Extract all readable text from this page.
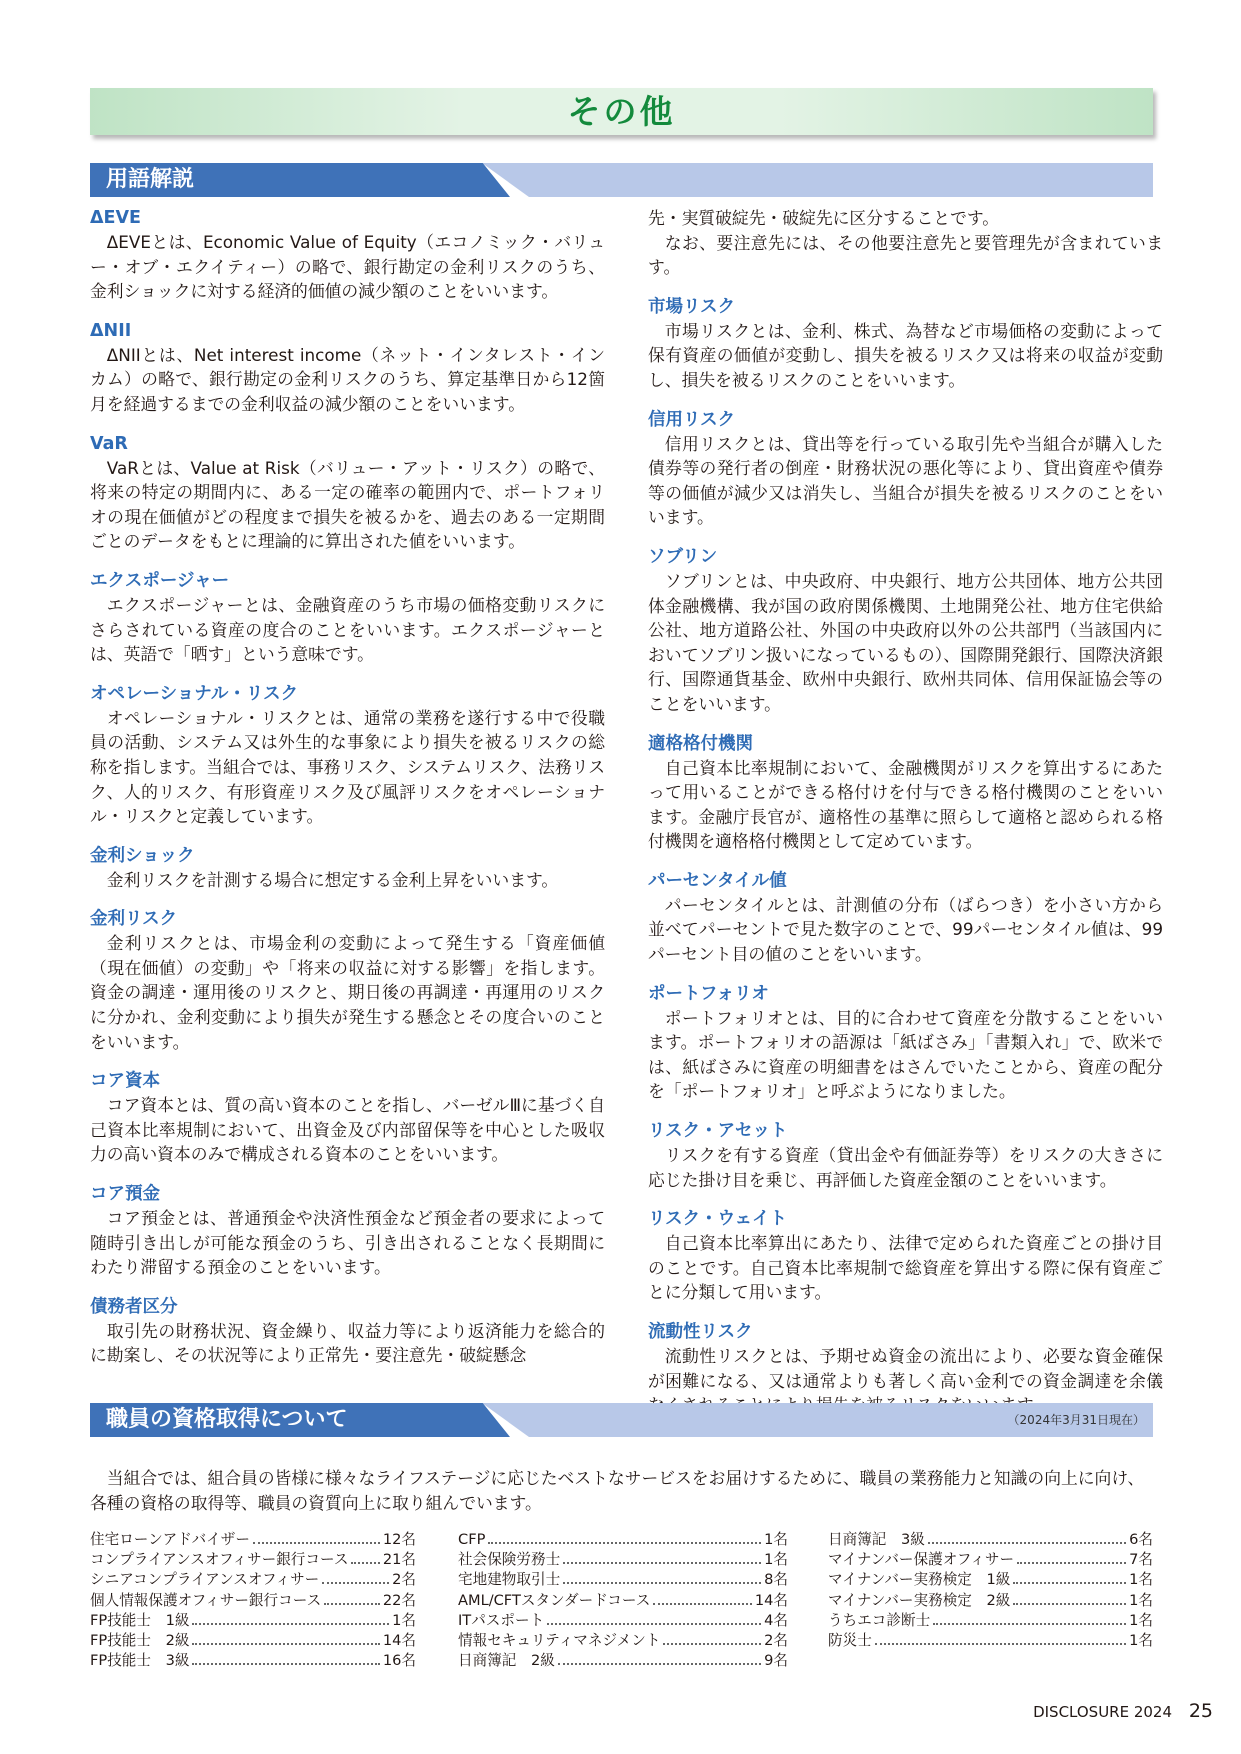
その他
用語解説
ΔEVE

ΔEVEとは、Economic Value of Equity（エコノミック・バリュー・オブ・エクイティー）の略で、銀行勘定の金利リスクのうち、金利ショックに対する経済的価値の減少額のことをいいます。

ΔNII

ΔNIIとは、Net interest income（ネット・インタレスト・インカム）の略で、銀行勘定の金利リスクのうち、算定基準日から12箇月を経過するまでの金利収益の減少額のことをいいます。

VaR

VaRとは、Value at Risk（バリュー・アット・リスク）の略で、将来の特定の期間内に、ある一定の確率の範囲内で、ポートフォリオの現在価値がどの程度まで損失を被るかを、過去のある一定期間ごとのデータをもとに理論的に算出された値をいいます。

エクスポージャー

エクスポージャーとは、金融資産のうち市場の価格変動リスクにさらされている資産の度合のことをいいます。エクスポージャーとは、英語で「晒す」という意味です。

オペレーショナル・リスク

オペレーショナル・リスクとは、通常の業務を遂行する中で役職員の活動、システム又は外生的な事象により損失を被るリスクの総称を指します。当組合では、事務リスク、システムリスク、法務リスク、人的リスク、有形資産リスク及び風評リスクをオペレーショナル・リスクと定義しています。

金利ショック

金利リスクを計測する場合に想定する金利上昇をいいます。

金利リスク

金利リスクとは、市場金利の変動によって発生する「資産価値（現在価値）の変動」や「将来の収益に対する影響」を指します。資金の調達・運用後のリスクと、期日後の再調達・再運用のリスクに分かれ、金利変動により損失が発生する懸念とその度合いのことをいいます。

コア資本

コア資本とは、質の高い資本のことを指し、バーゼルⅢに基づく自己資本比率規制において、出資金及び内部留保等を中心とした吸収力の高い資本のみで構成される資本のことをいいます。

コア預金

コア預金とは、普通預金や決済性預金など預金者の要求によって随時引き出しが可能な預金のうち、引き出されることなく長期間にわたり滞留する預金のことをいいます。

債務者区分

取引先の財務状況、資金繰り、収益力等により返済能力を総合的に勘案し、その状況等により正常先・要注意先・破綻懸念

先・実質破綻先・破綻先に区分することです。

なお、要注意先には、その他要注意先と要管理先が含まれています。

市場リスク

市場リスクとは、金利、株式、為替など市場価格の変動によって保有資産の価値が変動し、損失を被るリスク又は将来の収益が変動し、損失を被るリスクのことをいいます。

信用リスク

信用リスクとは、貸出等を行っている取引先や当組合が購入した債券等の発行者の倒産・財務状況の悪化等により、貸出資産や債券等の価値が減少又は消失し、当組合が損失を被るリスクのことをいいます。

ソブリン

ソブリンとは、中央政府、中央銀行、地方公共団体、地方公共団体金融機構、我が国の政府関係機関、土地開発公社、地方住宅供給公社、地方道路公社、外国の中央政府以外の公共部門（当該国内においてソブリン扱いになっているもの）、国際開発銀行、国際決済銀行、国際通貨基金、欧州中央銀行、欧州共同体、信用保証協会等のことをいいます。

適格格付機関

自己資本比率規制において、金融機関がリスクを算出するにあたって用いることができる格付けを付与できる格付機関のことをいいます。金融庁長官が、適格性の基準に照らして適格と認められる格付機関を適格格付機関として定めています。

パーセンタイル値

パーセンタイルとは、計測値の分布（ばらつき）を小さい方から並べてパーセントで見た数字のことで、99パーセンタイル値は、99パーセント目の値のことをいいます。

ポートフォリオ

ポートフォリオとは、目的に合わせて資産を分散することをいいます。ポートフォリオの語源は「紙ばさみ」「書類入れ」で、欧米では、紙ばさみに資産の明細書をはさんでいたことから、資産の配分を「ポートフォリオ」と呼ぶようになりました。

リスク・アセット

リスクを有する資産（貸出金や有価証券等）をリスクの大きさに応じた掛け目を乗じ、再評価した資産金額のことをいいます。

リスク・ウェイト

自己資本比率算出にあたり、法律で定められた資産ごとの掛け目のことです。自己資本比率規制で総資産を算出する際に保有資産ごとに分類して用います。

流動性リスク

流動性リスクとは、予期せぬ資金の流出により、必要な資金確保が困難になる、又は通常よりも著しく高い金利での資金調達を余儀

職員の資格取得について	（2024年3月31日現在）

当組合では、組合員の皆様に様々なライフステージに応じたベストなサービスをお届けするために、職員の業務能力と知識の向上に向け、各種の資格の取得等、職員の資質向上に取り組んでいます。

住宅ローンアドバイザー	12名
コンプライアンスオフィサー銀行コース 21名
シニアコンプライアンスオフィサー	2名
個人情報保護オフィサー銀行コース	22名
FP技能士　1級	1名
FP技能士　2級	14名
FP技能士　3級	16名
CFP	1名
社会保険労務士	1名
宅地建物取引士	8名
AML/CFTスタンダードコース	14名
ITパスポート	4名
情報セキュリティマネジメント	2名
日商簿記　2級	9名
日商簿記　3級	6名
マイナンバー保護オフィサー	7名
マイナンバー実務検定　1級	1名
マイナンバー実務検定　2級	1名
うちエコ診断士	1名
防災士	1名
DISCLOSURE 2024 25
